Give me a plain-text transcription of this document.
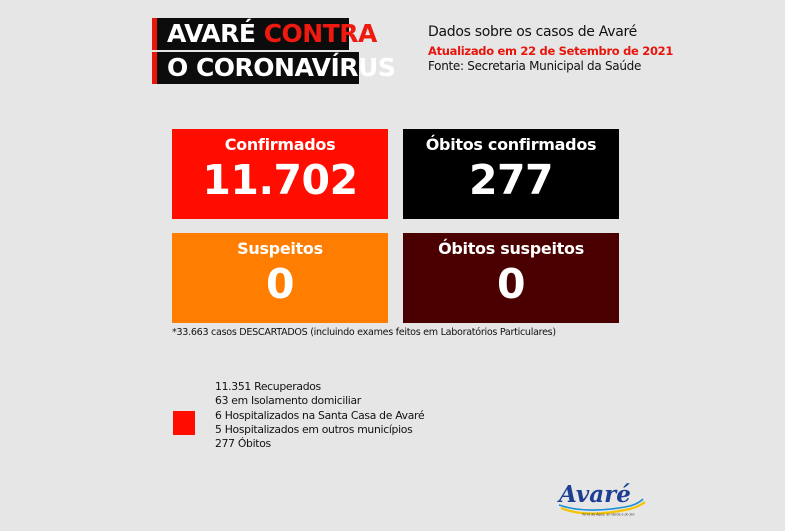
AVARÉ CONTRA
O CORONAVÍRUS
Dados sobre os casos de Avaré
Atualizado em 22 de Setembro de 2021
Fonte: Secretaria Municipal da Saúde
Confirmados
11.702
Óbitos confirmados
277
Suspeitos
0
Óbitos suspeitos
0
*33.663 casos DESCARTADOS (incluindo exames feitos em Laboratórios Particulares)
11.351 Recuperados
63 em Isolamento domiciliar
6 Hospitalizados na Santa Casa de Avaré
5 Hospitalizados em outros municípios
277 Óbitos
Avaré
Terra da Água, do Verde e do Sol
